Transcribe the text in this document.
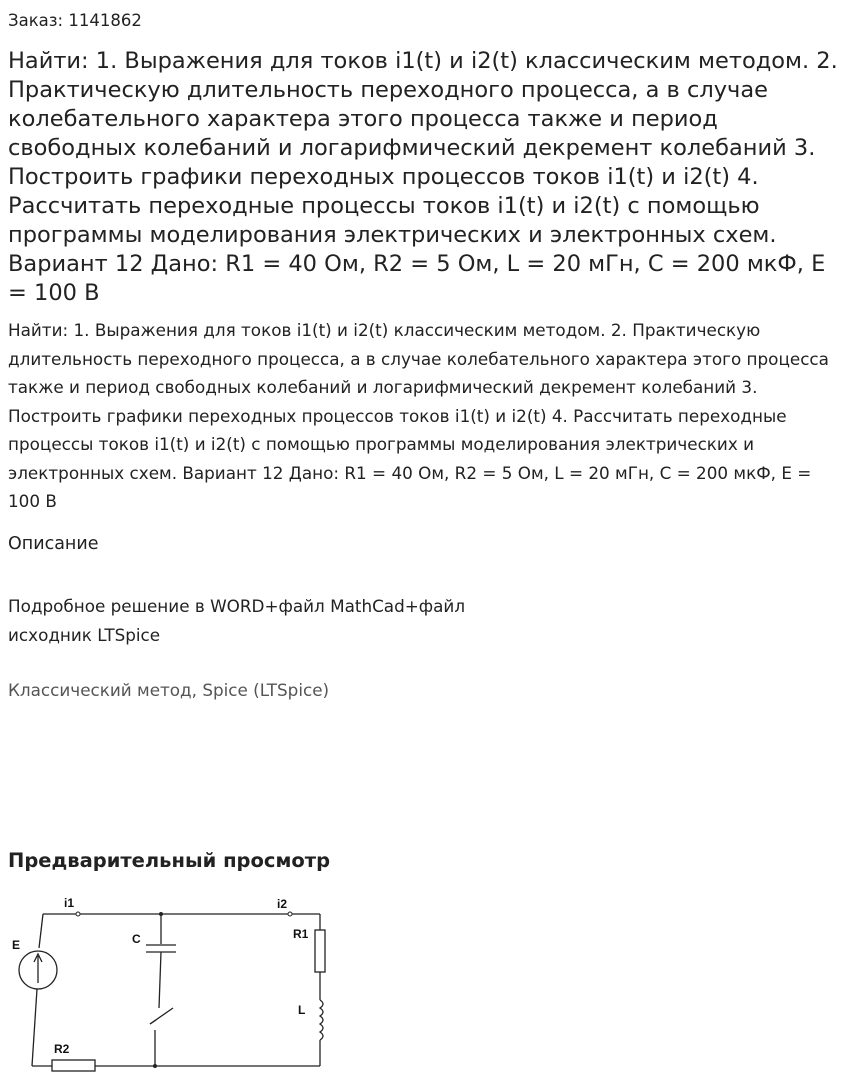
Заказ: 1141862
Найти: 1. Выражения для токов i1(t) и i2(t) классическим методом. 2. Практическую длительность переходного процесса, а в случае колебательного характера этого процесса также и период свободных колебаний и логарифмический декремент колебаний 3. Построить графики переходных процессов токов i1(t) и i2(t) 4. Рассчитать переходные процессы токов i1(t) и i2(t) с помощью программы моделирования электрических и электронных схем. Вариант 12 Дано: R1 = 40 Ом, R2 = 5 Ом, L = 20 мГн, C = 200 мкФ, E = 100 В

Найти: 1. Выражения для токов i1(t) и i2(t) классическим методом. 2. Практическую длительность переходного процесса, а в случае колебательного характера этого процесса также и период свободных колебаний и логарифмический декремент колебаний 3. Построить графики переходных процессов токов i1(t) и i2(t) 4. Рассчитать переходные процессы токов i1(t) и i2(t) с помощью программы моделирования электрических и электронных схем. Вариант 12 Дано: R1 = 40 Ом, R2 = 5 Ом, L = 20 мГн, C = 200 мкФ, E = 100 В

Описание

Подробное решение в WORD+файл MathCad+файл
исходник LTSpice

Классический метод, Spice (LTSpice)
Предварительный просмотр
i1	i2
E	C	R1
L
R2
